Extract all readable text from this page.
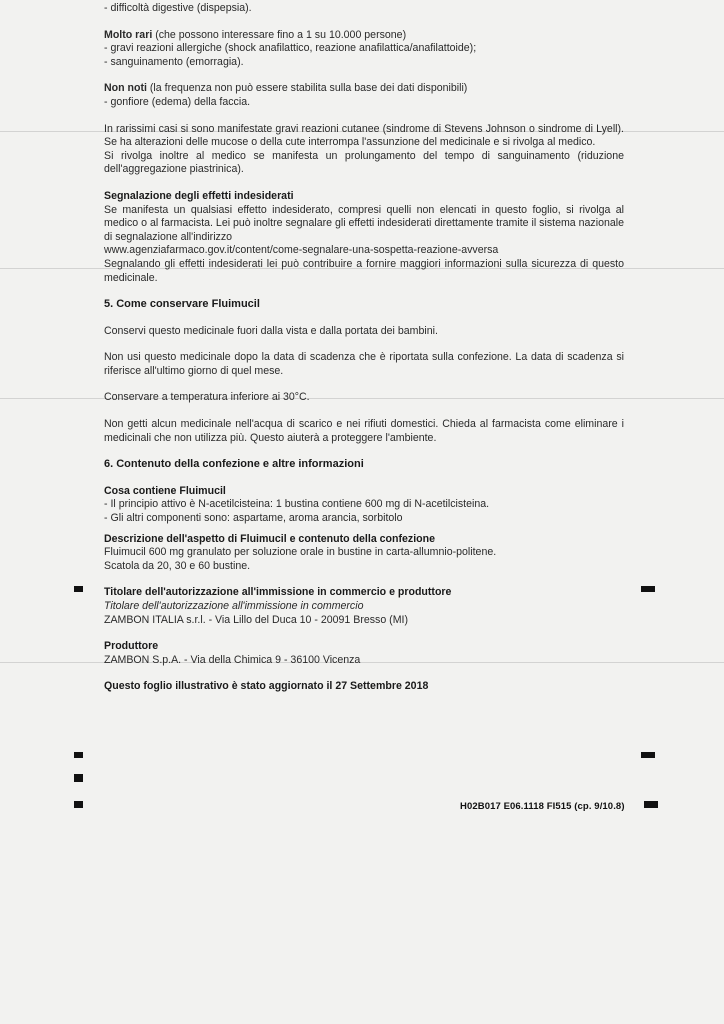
- difficoltà digestive (dispepsia).

Molto rari (che possono interessare fino a 1 su 10.000 persone)

- gravi reazioni allergiche (shock anafilattico, reazione anafilattica/anafilattoide);

- sanguinamento (emorragia).

Non noti (la frequenza non può essere stabilita sulla base dei dati disponibili)

- gonfiore (edema) della faccia.

In rarissimi casi si sono manifestate gravi reazioni cutanee (sindrome di Stevens Johnson o sindrome di Lyell). Se ha alterazioni delle mucose o della cute interrompa l'assunzione del medicinale e si rivolga al medico.

Si rivolga inoltre al medico se manifesta un prolungamento del tempo di sanguinamento (riduzione dell'aggregazione piastrinica).

Segnalazione degli effetti indesiderati

Se manifesta un qualsiasi effetto indesiderato, compresi quelli non elencati in questo foglio, si rivolga al medico o al farmacista. Lei può inoltre segnalare gli effetti indesiderati direttamente tramite il sistema nazionale di segnalazione all'indirizzo

www.agenziafarmaco.gov.it/content/come-segnalare-una-sospetta-reazione-avversa

Segnalando gli effetti indesiderati lei può contribuire a fornire maggiori informazioni sulla sicurezza di questo medicinale.

5. Come conservare Fluimucil

Conservi questo medicinale fuori dalla vista e dalla portata dei bambini.

Non usi questo medicinale dopo la data di scadenza che è riportata sulla confezione. La data di scadenza si riferisce all'ultimo giorno di quel mese.

Conservare a temperatura inferiore ai 30°C.

Non getti alcun medicinale nell'acqua di scarico e nei rifiuti domestici. Chieda al farmacista come eliminare i medicinali che non utilizza più. Questo aiuterà a proteggere l'ambiente.

6. Contenuto della confezione e altre informazioni

Cosa contiene Fluimucil

- Il principio attivo è N-acetilcisteina: 1 bustina contiene 600 mg di N-acetilcisteina.

- Gli altri componenti sono: aspartame, aroma arancia, sorbitolo

Descrizione dell'aspetto di Fluimucil e contenuto della confezione

Fluimucil 600 mg granulato per soluzione orale in bustine in carta-allumnio-politene.

Scatola da 20, 30 e 60 bustine.

Titolare dell'autorizzazione all'immissione in commercio e produttore

Titolare dell'autorizzazione all'immissione in commercio

ZAMBON ITALIA s.r.l. - Via Lillo del Duca 10 - 20091 Bresso (MI)

Produttore

ZAMBON S.p.A. - Via della Chimica 9 - 36100 Vicenza

Questo foglio illustrativo è stato aggiornato il 27 Settembre 2018

H02B017 E06.1118 FI515 (cp. 9/10.8)
